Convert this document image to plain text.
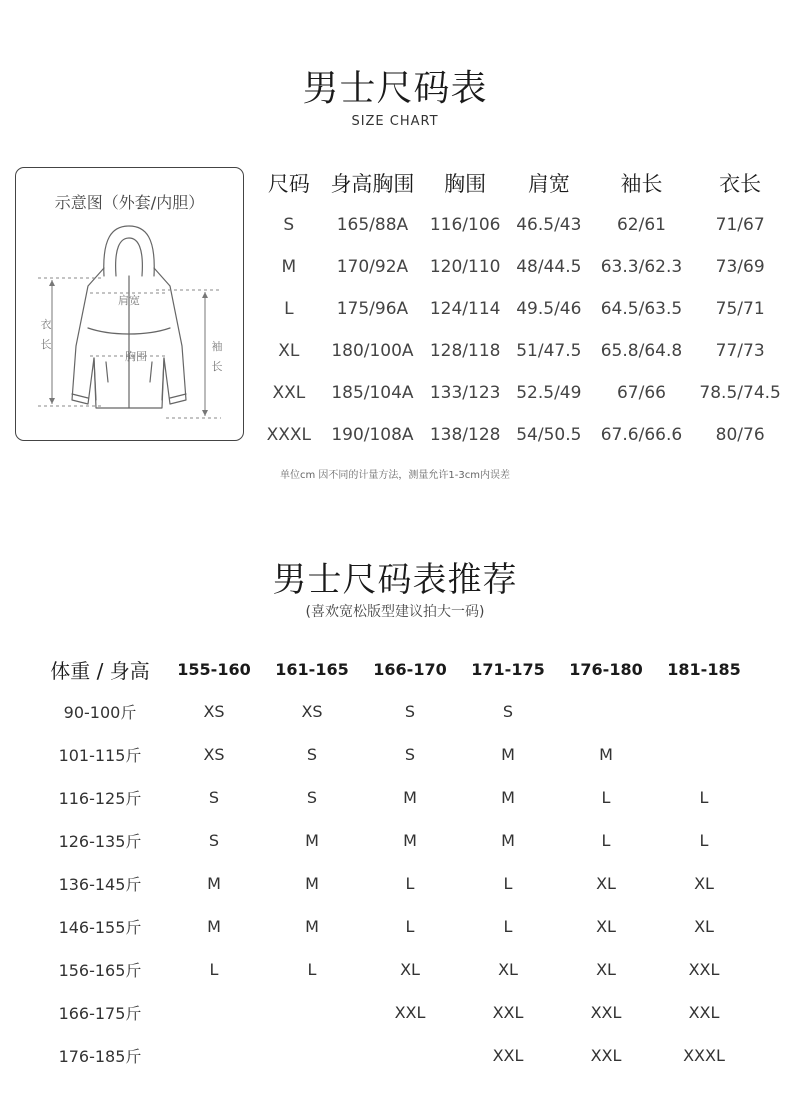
男士尺码表
SIZE CHART
示意图（外套/内胆）
肩宽
胸围
衣
长	袖
长
尺码	身高胸围	胸围	肩宽	袖长	衣长
S	165/88A	116/106	46.5/43	62/61	71/67
M	170/92A	120/110	48/44.5	63.3/62.3	73/69
L	175/96A	124/114	49.5/46	64.5/63.5	75/71
XL	180/100A	128/118	51/47.5	65.8/64.8	77/73
XXL	185/104A	133/123	52.5/49	67/66	78.5/74.5
XXXL	190/108A	138/128	54/50.5	67.6/66.6	80/76
单位cm 因不同的计量方法，测量允许1-3cm内误差
男士尺码表推荐
(喜欢宽松版型建议拍大一码)
体重 / 身高	155-160	161-165	166-170	171-175	176-180	181-185
90-100斤	XS	XS	S	S		
101-115斤	XS	S	S	M	M	
116-125斤	S	S	M	M	L	L
126-135斤	S	M	M	M	L	L
136-145斤	M	M	L	L	XL	XL
146-155斤	M	M	L	L	XL	XL
156-165斤	L	L	XL	XL	XL	XXL
166-175斤			XXL	XXL	XXL	XXL
176-185斤				XXL	XXL	XXXL
